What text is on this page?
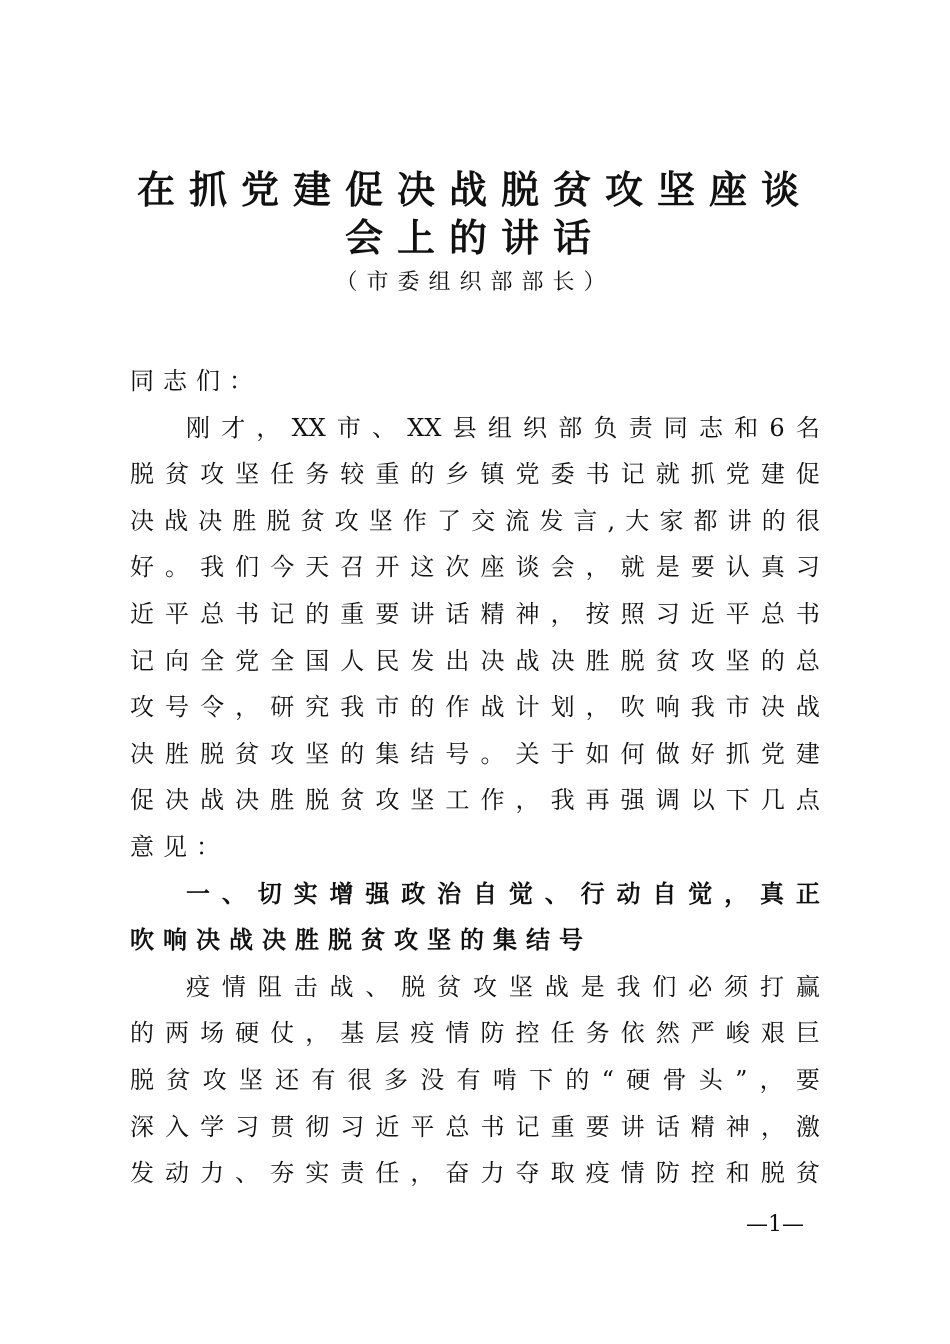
在抓党建促决战脱贫攻坚座谈
会上的讲话
（市委组织部部长）
同 志 们 ：
刚 才 ， XX 市 、 XX 县 组 织 部 负 责 同 志 和 6 名
脱 贫 攻 坚 任 务 较 重 的 乡 镇 党 委 书 记 就 抓 党 建 促
决 战 决 胜 脱 贫 攻 坚 作 了 交 流 发 言 , 大 家 都 讲 的 很
好 。 我 们 今 天 召 开 这 次 座 谈 会 ， 就 是 要 认 真 习
近 平 总 书 记 的 重 要 讲 话 精 神 ， 按 照 习 近 平 总 书
记 向 全 党 全 国 人 民 发 出 决 战 决 胜 脱 贫 攻 坚 的 总
攻 号 令 ， 研 究 我 市 的 作 战 计 划 ， 吹 响 我 市 决 战
决 胜 脱 贫 攻 坚 的 集 结 号 。 关 于 如 何 做 好 抓 党 建
促 决 战 决 胜 脱 贫 攻 坚 工 作 ， 我 再 强 调 以 下 几 点
意 见 ：
一 、 切 实 增 强 政 治 自 觉 、 行 动 自 觉 ， 真 正
吹 响 决 战 决 胜 脱 贫 攻 坚 的 集 结 号
疫 情 阻 击 战 、 脱 贫 攻 坚 战 是 我 们 必 须 打 赢
的 两 场 硬 仗 ， 基 层 疫 情 防 控 任 务 依 然 严 峻 艰 巨
脱 贫 攻 坚 还 有 很 多 没 有 啃 下 的 “ 硬 骨 头 ” ， 要
深 入 学 习 贯 彻 习 近 平 总 书 记 重 要 讲 话 精 神 ， 激
发 动 力 、 夯 实 责 任 ， 奋 力 夺 取 疫 情 防 控 和 脱 贫
—1—
